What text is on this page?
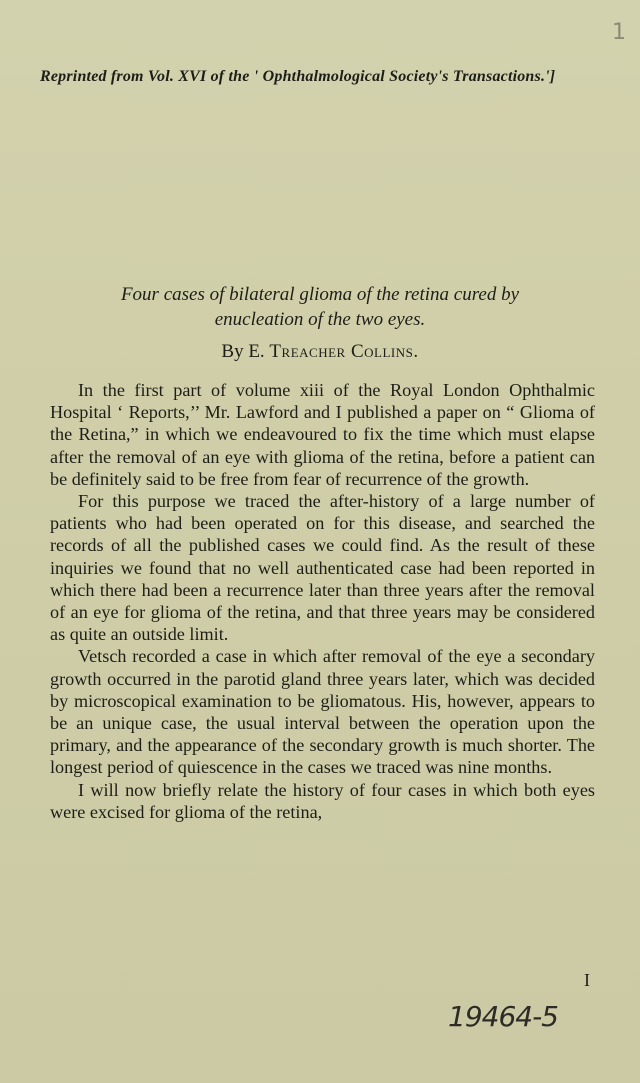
1
Reprinted from Vol. XVI of the ' Ophthalmological Society's Transactions.']
Four cases of bilateral glioma of the retina cured by
enucleation of the two eyes.
By E. Treacher Collins.

In the first part of volume xiii of the Royal London Ophthalmic Hospital ‘ Reports,’’ Mr. Lawford and I published a paper on “ Glioma of the Retina,” in which we endeavoured to fix the time which must elapse after the removal of an eye with glioma of the retina, before a patient can be definitely said to be free from fear of recurrence of the growth.

For this purpose we traced the after-history of a large number of patients who had been operated on for this disease, and searched the records of all the published cases we could find. As the result of these inquiries we found that no well authenticated case had been reported in which there had been a recurrence later than three years after the removal of an eye for glioma of the retina, and that three years may be considered as quite an outside limit.

Vetsch recorded a case in which after removal of the eye a secondary growth occurred in the parotid gland three years later, which was decided by microscopical examination to be gliomatous. His, however, appears to be an unique case, the usual interval between the operation upon the primary, and the appearance of the secondary growth is much shorter. The longest period of quiescence in the cases we traced was nine months.

I will now briefly relate the history of four cases in which both eyes were excised for glioma of the retina,

I
19464-5
